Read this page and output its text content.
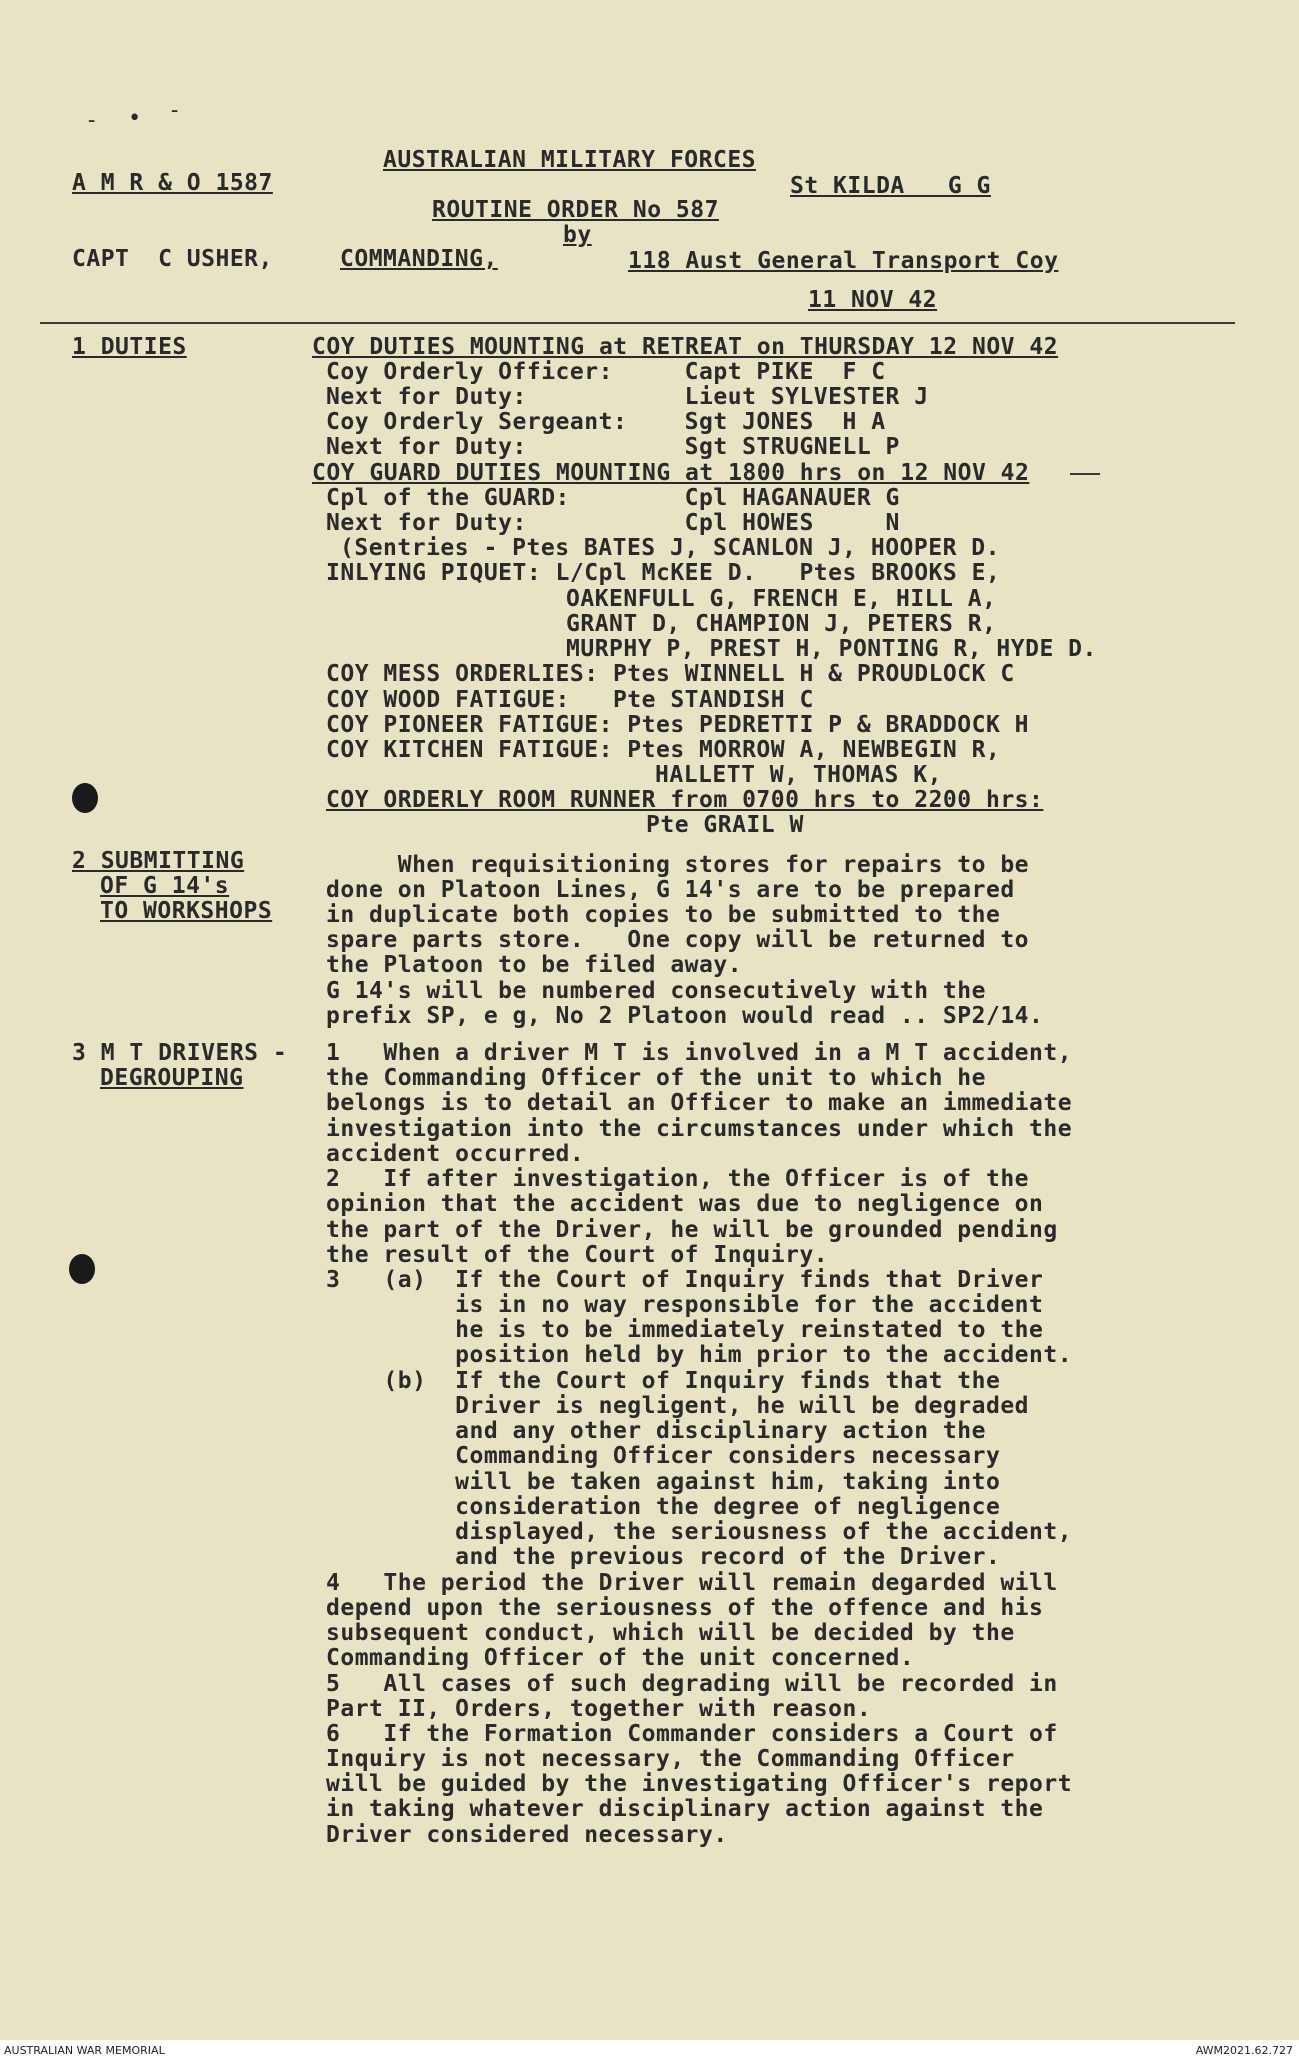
- • -
A M R & O 1587
AUSTRALIAN MILITARY FORCES
St KILDA   G G
ROUTINE ORDER No 587
by
CAPT  C USHER,	COMMANDING,	118 Aust General Transport Coy
11 NOV 42
1 DUTIES	COY DUTIES MOUNTING at RETREAT on THURSDAY 12 NOV 42
Coy Orderly Officer:     Capt PIKE  F C
Next for Duty:           Lieut SYLVESTER J
Coy Orderly Sergeant:    Sgt JONES  H A
Next for Duty:           Sgt STRUGNELL P
COY GUARD DUTIES MOUNTING at 1800 hrs on 12 NOV 42
Cpl of the GUARD:        Cpl HAGANAUER G
Next for Duty:           Cpl HOWES     N
(Sentries - Ptes BATES J, SCANLON J, HOOPER D.
INLYING PIQUET: L/Cpl McKEE D.   Ptes BROOKS E,
OAKENFULL G, FRENCH E, HILL A,
GRANT D, CHAMPION J, PETERS R,
MURPHY P, PREST H, PONTING R, HYDE D.
COY MESS ORDERLIES: Ptes WINNELL H & PROUDLOCK C
COY WOOD FATIGUE:   Pte STANDISH C
COY PIONEER FATIGUE: Ptes PEDRETTI P & BRADDOCK H
COY KITCHEN FATIGUE: Ptes MORROW A, NEWBEGIN R,
HALLETT W, THOMAS K,
COY ORDERLY ROOM RUNNER from 0700 hrs to 2200 hrs:
Pte GRAIL W
2 SUBMITTING
OF G 14's
TO WORKSHOPS
When requisitioning stores for repairs to be
done on Platoon Lines, G 14's are to be prepared
in duplicate both copies to be submitted to the
spare parts store.   One copy will be returned to
the Platoon to be filed away.
G 14's will be numbered consecutively with the
prefix SP, e g, No 2 Platoon would read .. SP2/14.
3 M T DRIVERS -
DEGROUPING
1   When a driver M T is involved in a M T accident,
the Commanding Officer of the unit to which he
belongs is to detail an Officer to make an immediate
investigation into the circumstances under which the
accident occurred.
2   If after investigation, the Officer is of the
opinion that the accident was due to negligence on
the part of the Driver, he will be grounded pending
the result of the Court of Inquiry.
3   (a)  If the Court of Inquiry finds that Driver
is in no way responsible for the accident
he is to be immediately reinstated to the
position held by him prior to the accident.
(b)  If the Court of Inquiry finds that the
Driver is negligent, he will be degraded
and any other disciplinary action the
Commanding Officer considers necessary
will be taken against him, taking into
consideration the degree of negligence
displayed, the seriousness of the accident,
and the previous record of the Driver.
4   The period the Driver will remain degarded will
depend upon the seriousness of the offence and his
subsequent conduct, which will be decided by the
Commanding Officer of the unit concerned.
5   All cases of such degrading will be recorded in
Part II, Orders, together with reason.
6   If the Formation Commander considers a Court of
Inquiry is not necessary, the Commanding Officer
will be guided by the investigating Officer's report
in taking whatever disciplinary action against the
Driver considered necessary.
AUSTRALIAN WAR MEMORIAL	AWM2021.62.727
